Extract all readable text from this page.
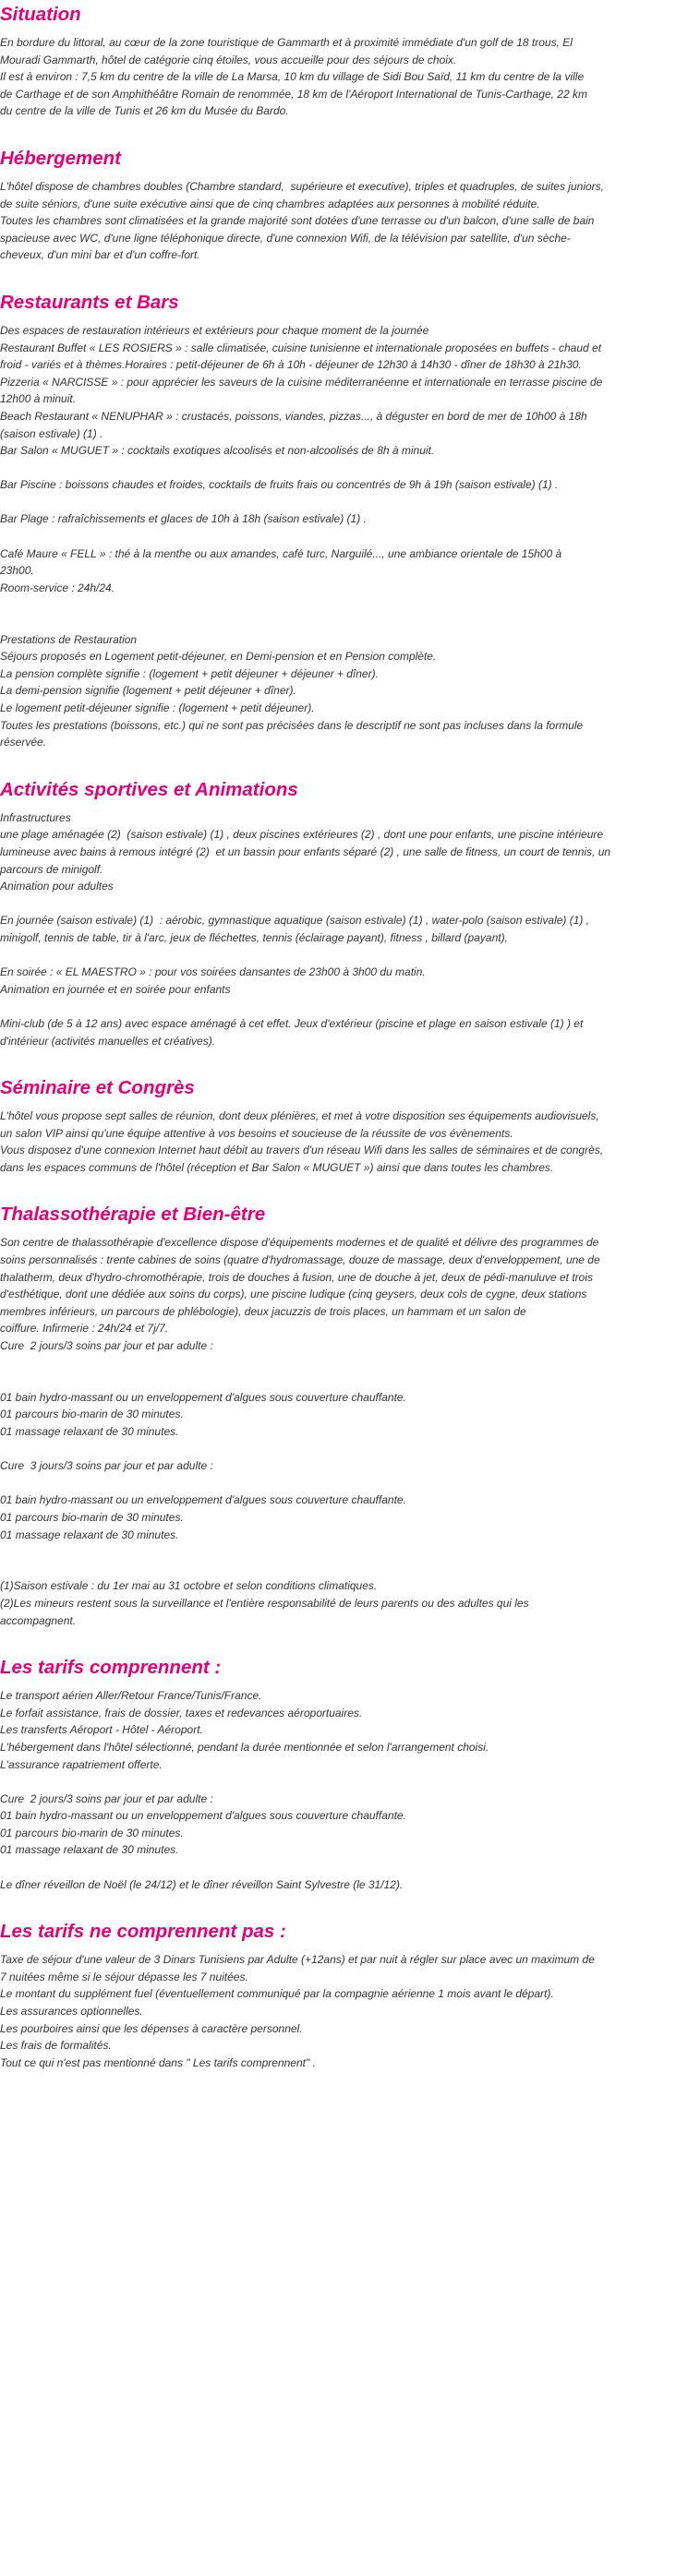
Situation
En bordure du littoral, au cœur de la zone touristique de Gammarth et à proximité immédiate d'un golf de 18 trous, El
Mouradi Gammarth, hôtel de catégorie cinq étoiles, vous accueille pour des séjours de choix.
Il est à environ : 7,5 km du centre de la ville de La Marsa, 10 km du village de Sidi Bou Saïd, 11 km du centre de la ville
de Carthage et de son Amphithéâtre Romain de renommée, 18 km de l'Aéroport International de Tunis-Carthage, 22 km
du centre de la ville de Tunis et 26 km du Musée du Bardo.
Hébergement
L'hôtel dispose de chambres doubles (Chambre standard,  supérieure et executive), triples et quadruples, de suites juniors,
de suite séniors, d'une suite exécutive ainsi que de cinq chambres adaptées aux personnes à mobilité réduite.
Toutes les chambres sont climatisées et la grande majorité sont dotées d'une terrasse ou d'un balcon, d'une salle de bain
spacieuse avec WC, d'une ligne téléphonique directe, d'une connexion Wifi, de la télévision par satellite, d'un sèche-
cheveux, d'un mini bar et d'un coffre-fort.
Restaurants et Bars
Des espaces de restauration intérieurs et extérieurs pour chaque moment de la journée
Restaurant Buffet « LES ROSIERS » : salle climatisée, cuisine tunisienne et internationale proposées en buffets - chaud et
froid - variés et à thèmes.Horaires : petit-déjeuner de 6h à 10h - déjeuner de 12h30 à 14h30 - dîner de 18h30 à 21h30.
Pizzeria « NARCISSE » : pour apprécier les saveurs de la cuisine méditerranéenne et internationale en terrasse piscine de
12h00 à minuit.
Beach Restaurant « NENUPHAR » : crustacés, poissons, viandes, pizzas..., à déguster en bord de mer de 10h00 à 18h
(saison estivale) (1) .
Bar Salon « MUGUET » : cocktails exotiques alcoolisés et non-alcoolisés de 8h à minuit.
Bar Piscine : boissons chaudes et froides, cocktails de fruits frais ou concentrés de 9h à 19h (saison estivale) (1) .
Bar Plage : rafraîchissements et glaces de 10h à 18h (saison estivale) (1) .
Café Maure « FELL » : thé à la menthe ou aux amandes, café turc, Narguilé..., une ambiance orientale de 15h00 à
23h00.
Room-service : 24h/24.
Prestations de Restauration
Séjours proposés en Logement petit-déjeuner, en Demi-pension et en Pension complète.
La pension complète signifie : (logement + petit déjeuner + déjeuner + dîner).
La demi-pension signifie (logement + petit déjeuner + dîner).
Le logement petit-déjeuner signifie : (logement + petit déjeuner).
Toutes les prestations (boissons, etc.) qui ne sont pas précisées dans le descriptif ne sont pas incluses dans la formule
réservée.
Activités sportives et Animations
Infrastructures
une plage aménagée (2)  (saison estivale) (1) , deux piscines extérieures (2) , dont une pour enfants, une piscine intérieure
lumineuse avec bains à remous intégré (2)  et un bassin pour enfants séparé (2) , une salle de fitness, un court de tennis, un
parcours de minigolf.
Animation pour adultes
En journée (saison estivale) (1)  : aérobic, gymnastique aquatique (saison estivale) (1) , water-polo (saison estivale) (1) ,
minigolf, tennis de table, tir à l'arc, jeux de fléchettes, tennis (éclairage payant), fitness , billard (payant),
En soirée : « EL MAESTRO » : pour vos soirées dansantes de 23h00 à 3h00 du matin.
Animation en journée et en soirée pour enfants
Mini-club (de 5 à 12 ans) avec espace aménagé à cet effet. Jeux d'extérieur (piscine et plage en saison estivale (1) ) et
d'intérieur (activités manuelles et créatives).
Séminaire et Congrès
L'hôtel vous propose sept salles de réunion, dont deux plénières, et met à votre disposition ses équipements audiovisuels,
un salon VIP ainsi qu'une équipe attentive à vos besoins et soucieuse de la réussite de vos évènements.
Vous disposez d'une connexion Internet haut débit au travers d'un réseau Wifi dans les salles de séminaires et de congrès,
dans les espaces communs de l'hôtel (réception et Bar Salon « MUGUET ») ainsi que dans toutes les chambres.
Thalassothérapie et Bien-être
Son centre de thalassothérapie d'excellence dispose d'équipements modernes et de qualité et délivre des programmes de
soins personnalisés : trente cabines de soins (quatre d'hydromassage, douze de massage, deux d'enveloppement, une de
thalatherm, deux d'hydro-chromothérapie, trois de douches à fusion, une de douche à jet, deux de pédi-manuluve et trois
d'esthétique, dont une dédiée aux soins du corps), une piscine ludique (cinq geysers, deux cols de cygne, deux stations
membres inférieurs, un parcours de phlébologie), deux jacuzzis de trois places, un hammam et un salon de
coiffure. Infirmerie : 24h/24 et 7j/7.
Cure  2 jours/3 soins par jour et par adulte :
01 bain hydro-massant ou un enveloppement d'algues sous couverture chauffante.
01 parcours bio-marin de 30 minutes.
01 massage relaxant de 30 minutes.
Cure  3 jours/3 soins par jour et par adulte :
01 bain hydro-massant ou un enveloppement d'algues sous couverture chauffante.
01 parcours bio-marin de 30 minutes.
01 massage relaxant de 30 minutes.
(1)Saison estivale : du 1er mai au 31 octobre et selon conditions climatiques.
(2)Les mineurs restent sous la surveillance et l'entière responsabilité de leurs parents ou des adultes qui les
accompagnent.
Les tarifs comprennent :
Le transport aérien Aller/Retour France/Tunis/France.
Le forfait assistance, frais de dossier, taxes et redevances aéroportuaires.
Les transferts Aéroport - Hôtel - Aéroport.
L'hébergement dans l'hôtel sélectionné, pendant la durée mentionnée et selon l'arrangement choisi.
L'assurance rapatriement offerte.
Cure  2 jours/3 soins par jour et par adulte :
01 bain hydro-massant ou un enveloppement d'algues sous couverture chauffante.
01 parcours bio-marin de 30 minutes.
01 massage relaxant de 30 minutes.
Le dîner réveillon de Noël (le 24/12) et le dîner réveillon Saint Sylvestre (le 31/12).
Les tarifs ne comprennent pas :
Taxe de séjour d'une valeur de 3 Dinars Tunisiens par Adulte (+12ans) et par nuit à régler sur place avec un maximum de
7 nuitées même si le séjour dépasse les 7 nuitées.
Le montant du supplément fuel (éventuellement communiqué par la compagnie aérienne 1 mois avant le départ).
Les assurances optionnelles.
Les pourboires ainsi que les dépenses à caractère personnel.
Les frais de formalités.
Tout ce qui n'est pas mentionné dans " Les tarifs comprennent" .
